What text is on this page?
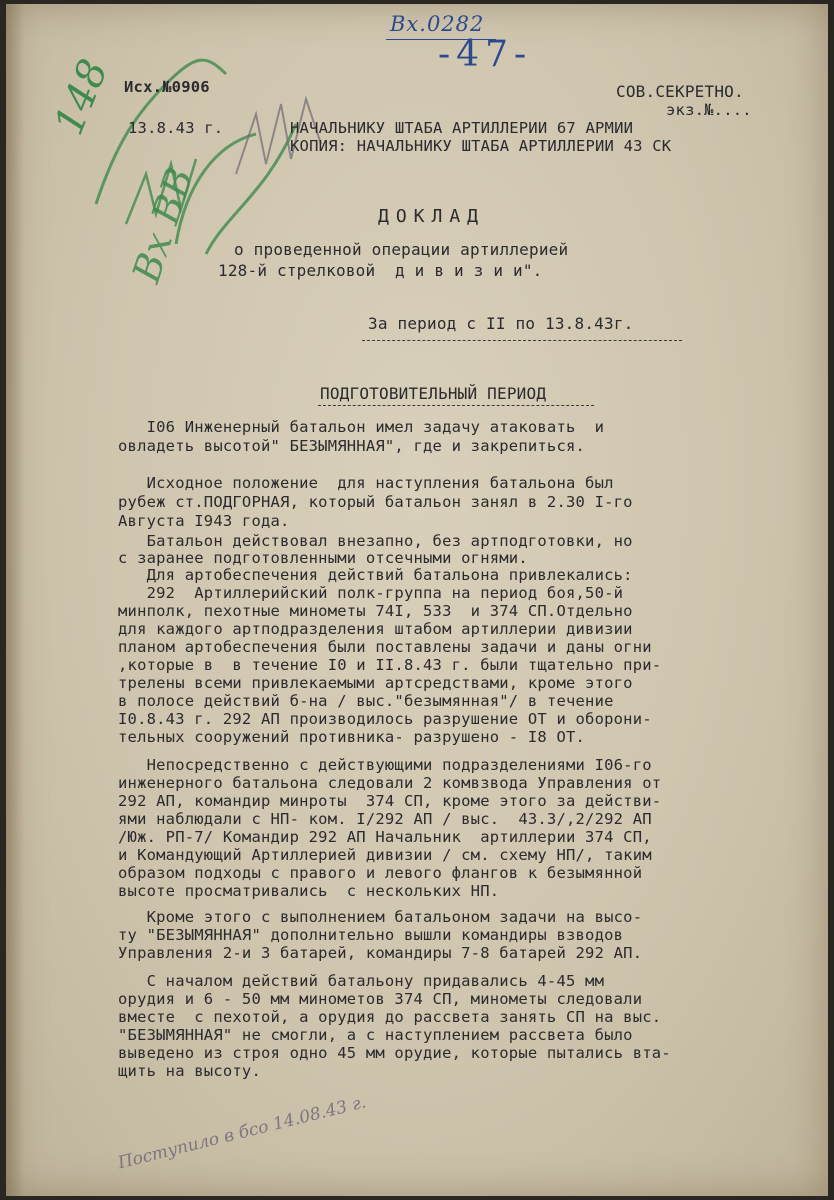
Вх.0282
-47-
148
Вх ВВ
Поступило в бсо 14.08.43 г.
Исх.№0906
13.8.43 г.
СОВ.СЕКРЕТНО.
экз.№....
НАЧАЛЬНИКУ ШТАБА АРТИЛЛЕРИИ 67 АРМИИ
КОПИЯ: НАЧАЛЬНИКУ ШТАБА АРТИЛЛЕРИИ 43 СК
ДОКЛАД
о проведенной операции артиллерией
128-й стрелковой  д и в и з и и".
За период с II по 13.8.43г.
ПОДГОТОВИТЕЛЬНЫЙ ПЕРИОД
I06 Инженерный батальон имел задачу атаковать  и
овладеть высотой" БЕЗЫМЯННАЯ", где и закрепиться.
Исходное положение  для наступления батальона был
рубеж ст.ПОДГОРНАЯ, который батальон занял в 2.30 I-го
Августа I943 года.
Батальон действовал внезапно, без артподготовки, но
с заранее подготовленными отсечными огнями.
Для артобеспечения действий батальона привлекались:
292  Артиллерийский полк-группа на период боя,50-й
минполк, пехотные минометы 74I, 533  и 374 СП.Отдельно
для каждого артподразделения штабом артиллерии дивизии
планом артобеспечения были поставлены задачи и даны огни
,которые в  в течение I0 и II.8.43 г. были тщательно при-
трелены всеми привлекаемыми артсредствами, кроме этого
в полосе действий б-на / выс."безымянная"/ в течение
I0.8.43 г. 292 АП производилось разрушение ОТ и оборони-
тельных сооружений противника- разрушено - I8 ОТ.
Непосредственно с действующими подразделениями I06-го
инженерного батальона следовали 2 комвзвода Управления от
292 АП, командир минроты  374 СП, кроме этого за действи-
ями наблюдали с НП- ком. I/292 АП / выс.  43.3/,2/292 АП
/Юж. РП-7/ Командир 292 АП Начальник  артиллерии 374 СП,
и Командующий Артиллерией дивизии / см. схему НП/, таким
образом подходы с правого и левого флангов к безымянной
высоте просматривались  с нескольких НП.
Кроме этого с выполнением батальоном задачи на высо-
ту "БЕЗЫМЯННАЯ" дополнительно вышли командиры взводов
Управления 2-и 3 батарей, командиры 7-8 батарей 292 АП.
С началом действий батальону придавались 4-45 мм
орудия и 6 - 50 мм минометов 374 СП, минометы следовали
вместе  с пехотой, а орудия до рассвета занять СП на выс.
"БЕЗЫМЯННАЯ" не смогли, а с наступлением рассвета было
выведено из строя одно 45 мм орудие, которые пытались вта-
щить на высоту.
